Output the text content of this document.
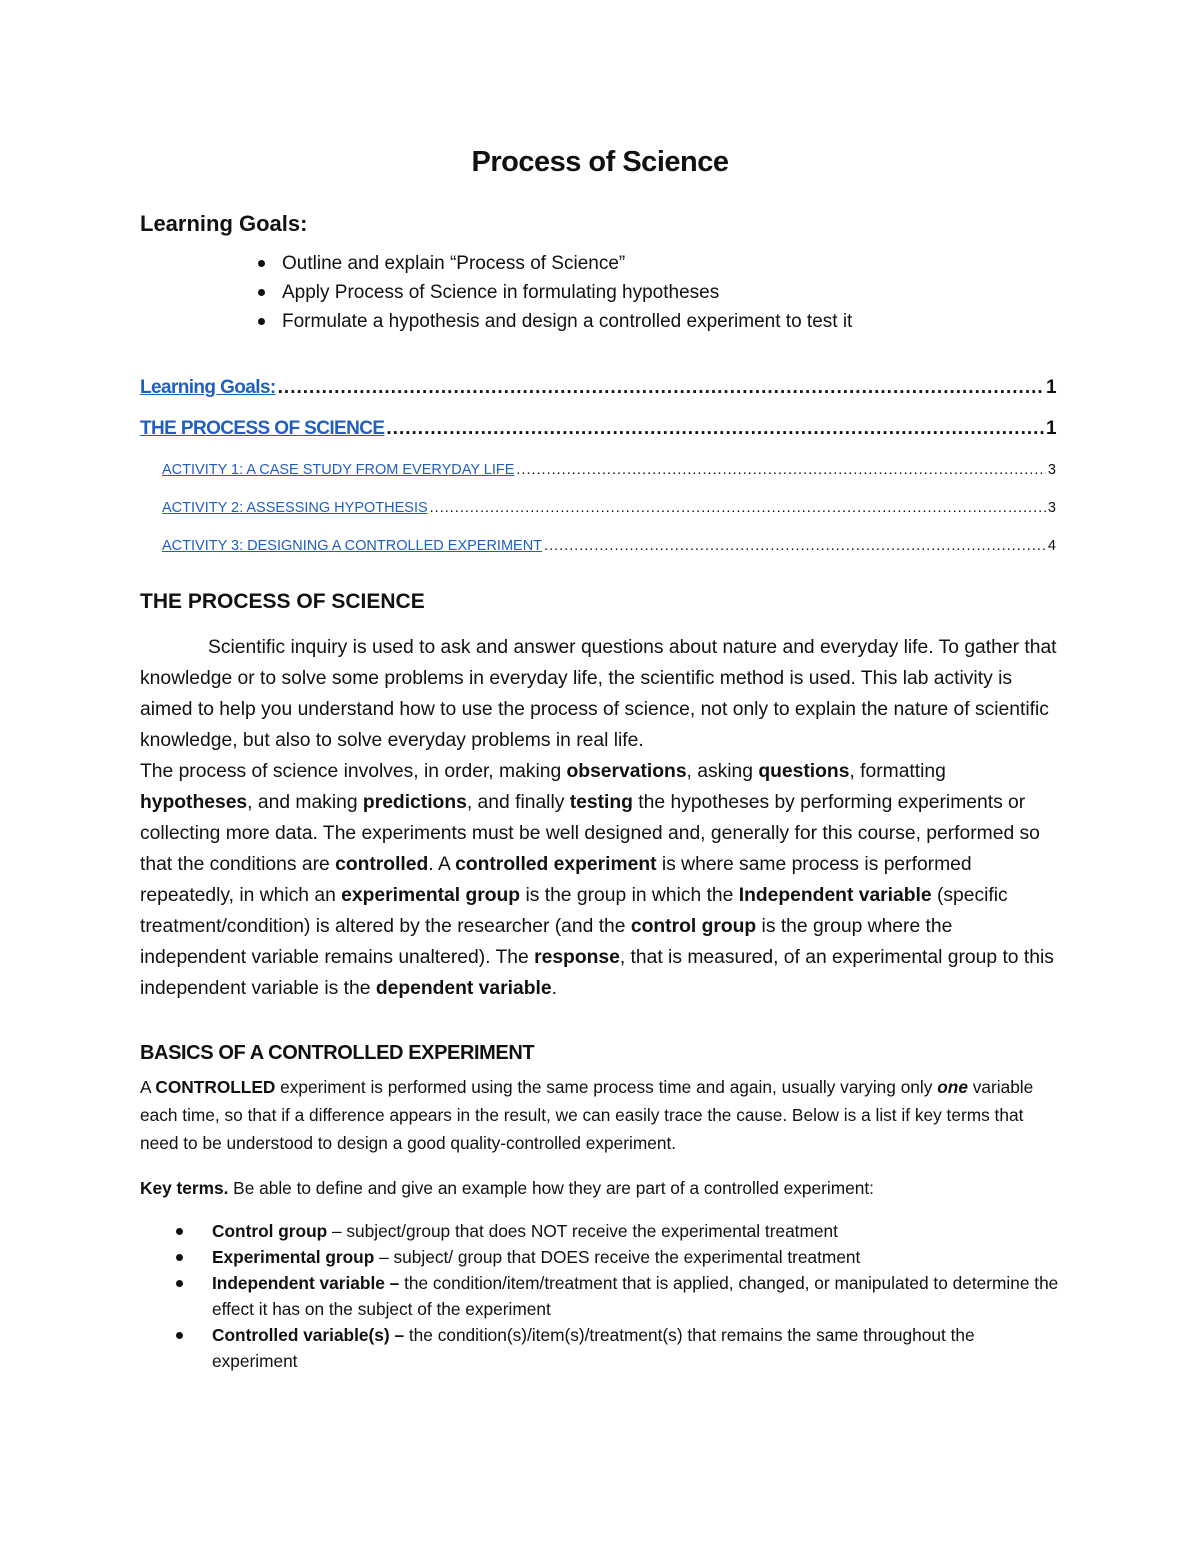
Process of Science
Learning Goals:
Outline and explain “Process of Science”
Apply Process of Science in formulating hypotheses
Formulate a hypothesis and design a controlled experiment to test it
Learning Goals: .....	1
THE PROCESS OF SCIENCE .....	1
ACTIVITY 1: A CASE STUDY FROM EVERYDAY LIFE .....	3
ACTIVITY 2: ASSESSING HYPOTHESIS .....	3
ACTIVITY 3: DESIGNING A CONTROLLED EXPERIMENT .....	4
THE PROCESS OF SCIENCE

Scientific inquiry is used to ask and answer questions about nature and everyday life. To gather that knowledge or to solve some problems in everyday life, the scientific method is used. This lab activity is aimed to help you understand how to use the process of science, not only to explain the nature of scientific knowledge, but also to solve everyday problems in real life.
The process of science involves, in order, making observations, asking questions, formatting hypotheses, and making predictions, and finally testing the hypotheses by performing experiments or collecting more data. The experiments must be well designed and, generally for this course, performed so that the conditions are controlled. A controlled experiment is where same process is performed repeatedly, in which an experimental group is the group in which the Independent variable (specific treatment/condition) is altered by the researcher (and the control group is the group where the independent variable remains unaltered). The response, that is measured, of an experimental group to this independent variable is the dependent variable.

BASICS OF A CONTROLLED EXPERIMENT

A CONTROLLED experiment is performed using the same process time and again, usually varying only one variable each time, so that if a difference appears in the result, we can easily trace the cause. Below is a list if key terms that need to be understood to design a good quality-controlled experiment.

Key terms. Be able to define and give an example how they are part of a controlled experiment:

Control group – subject/group that does NOT receive the experimental treatment
Experimental group – subject/ group that DOES receive the experimental treatment
Independent variable – the condition/item/treatment that is applied, changed, or manipulated to determine the effect it has on the subject of the experiment
Controlled variable(s) – the condition(s)/item(s)/treatment(s) that remains the same throughout the experiment
